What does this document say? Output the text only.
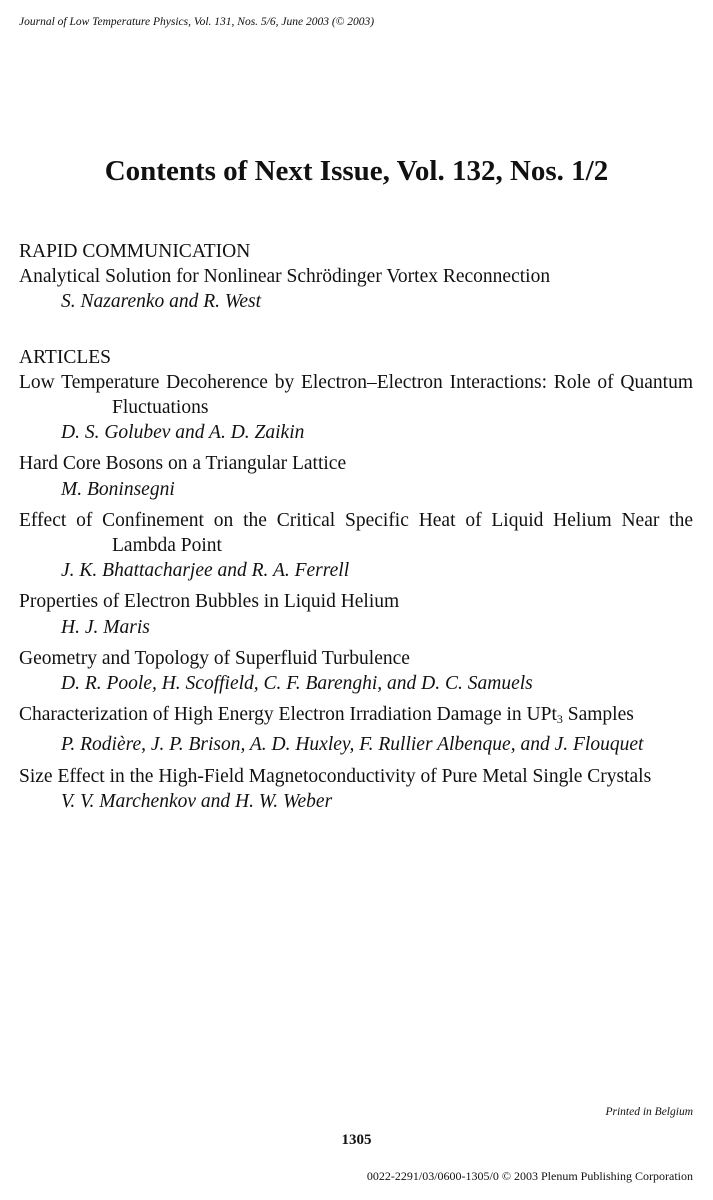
Journal of Low Temperature Physics, Vol. 131, Nos. 5/6, June 2003 (© 2003)
Contents of Next Issue, Vol. 132, Nos. 1/2
RAPID COMMUNICATION
Analytical Solution for Nonlinear Schrödinger Vortex Reconnection
S. Nazarenko and R. West
ARTICLES
Low Temperature Decoherence by Electron–Electron Interactions: Role of Quantum Fluctuations
D. S. Golubev and A. D. Zaikin
Hard Core Bosons on a Triangular Lattice
M. Boninsegni
Effect of Confinement on the Critical Specific Heat of Liquid Helium Near the Lambda Point
J. K. Bhattacharjee and R. A. Ferrell
Properties of Electron Bubbles in Liquid Helium
H. J. Maris
Geometry and Topology of Superfluid Turbulence
D. R. Poole, H. Scoffield, C. F. Barenghi, and D. C. Samuels
Characterization of High Energy Electron Irradiation Damage in UPt$_3$ Samples
P. Rodière, J. P. Brison, A. D. Huxley, F. Rullier Albenque, and J. Flouquet
Size Effect in the High-Field Magnetoconductivity of Pure Metal Single Crystals
V. V. Marchenkov and H. W. Weber
Printed in Belgium
1305
0022-2291/03/0600-1305/0 © 2003 Plenum Publishing Corporation
